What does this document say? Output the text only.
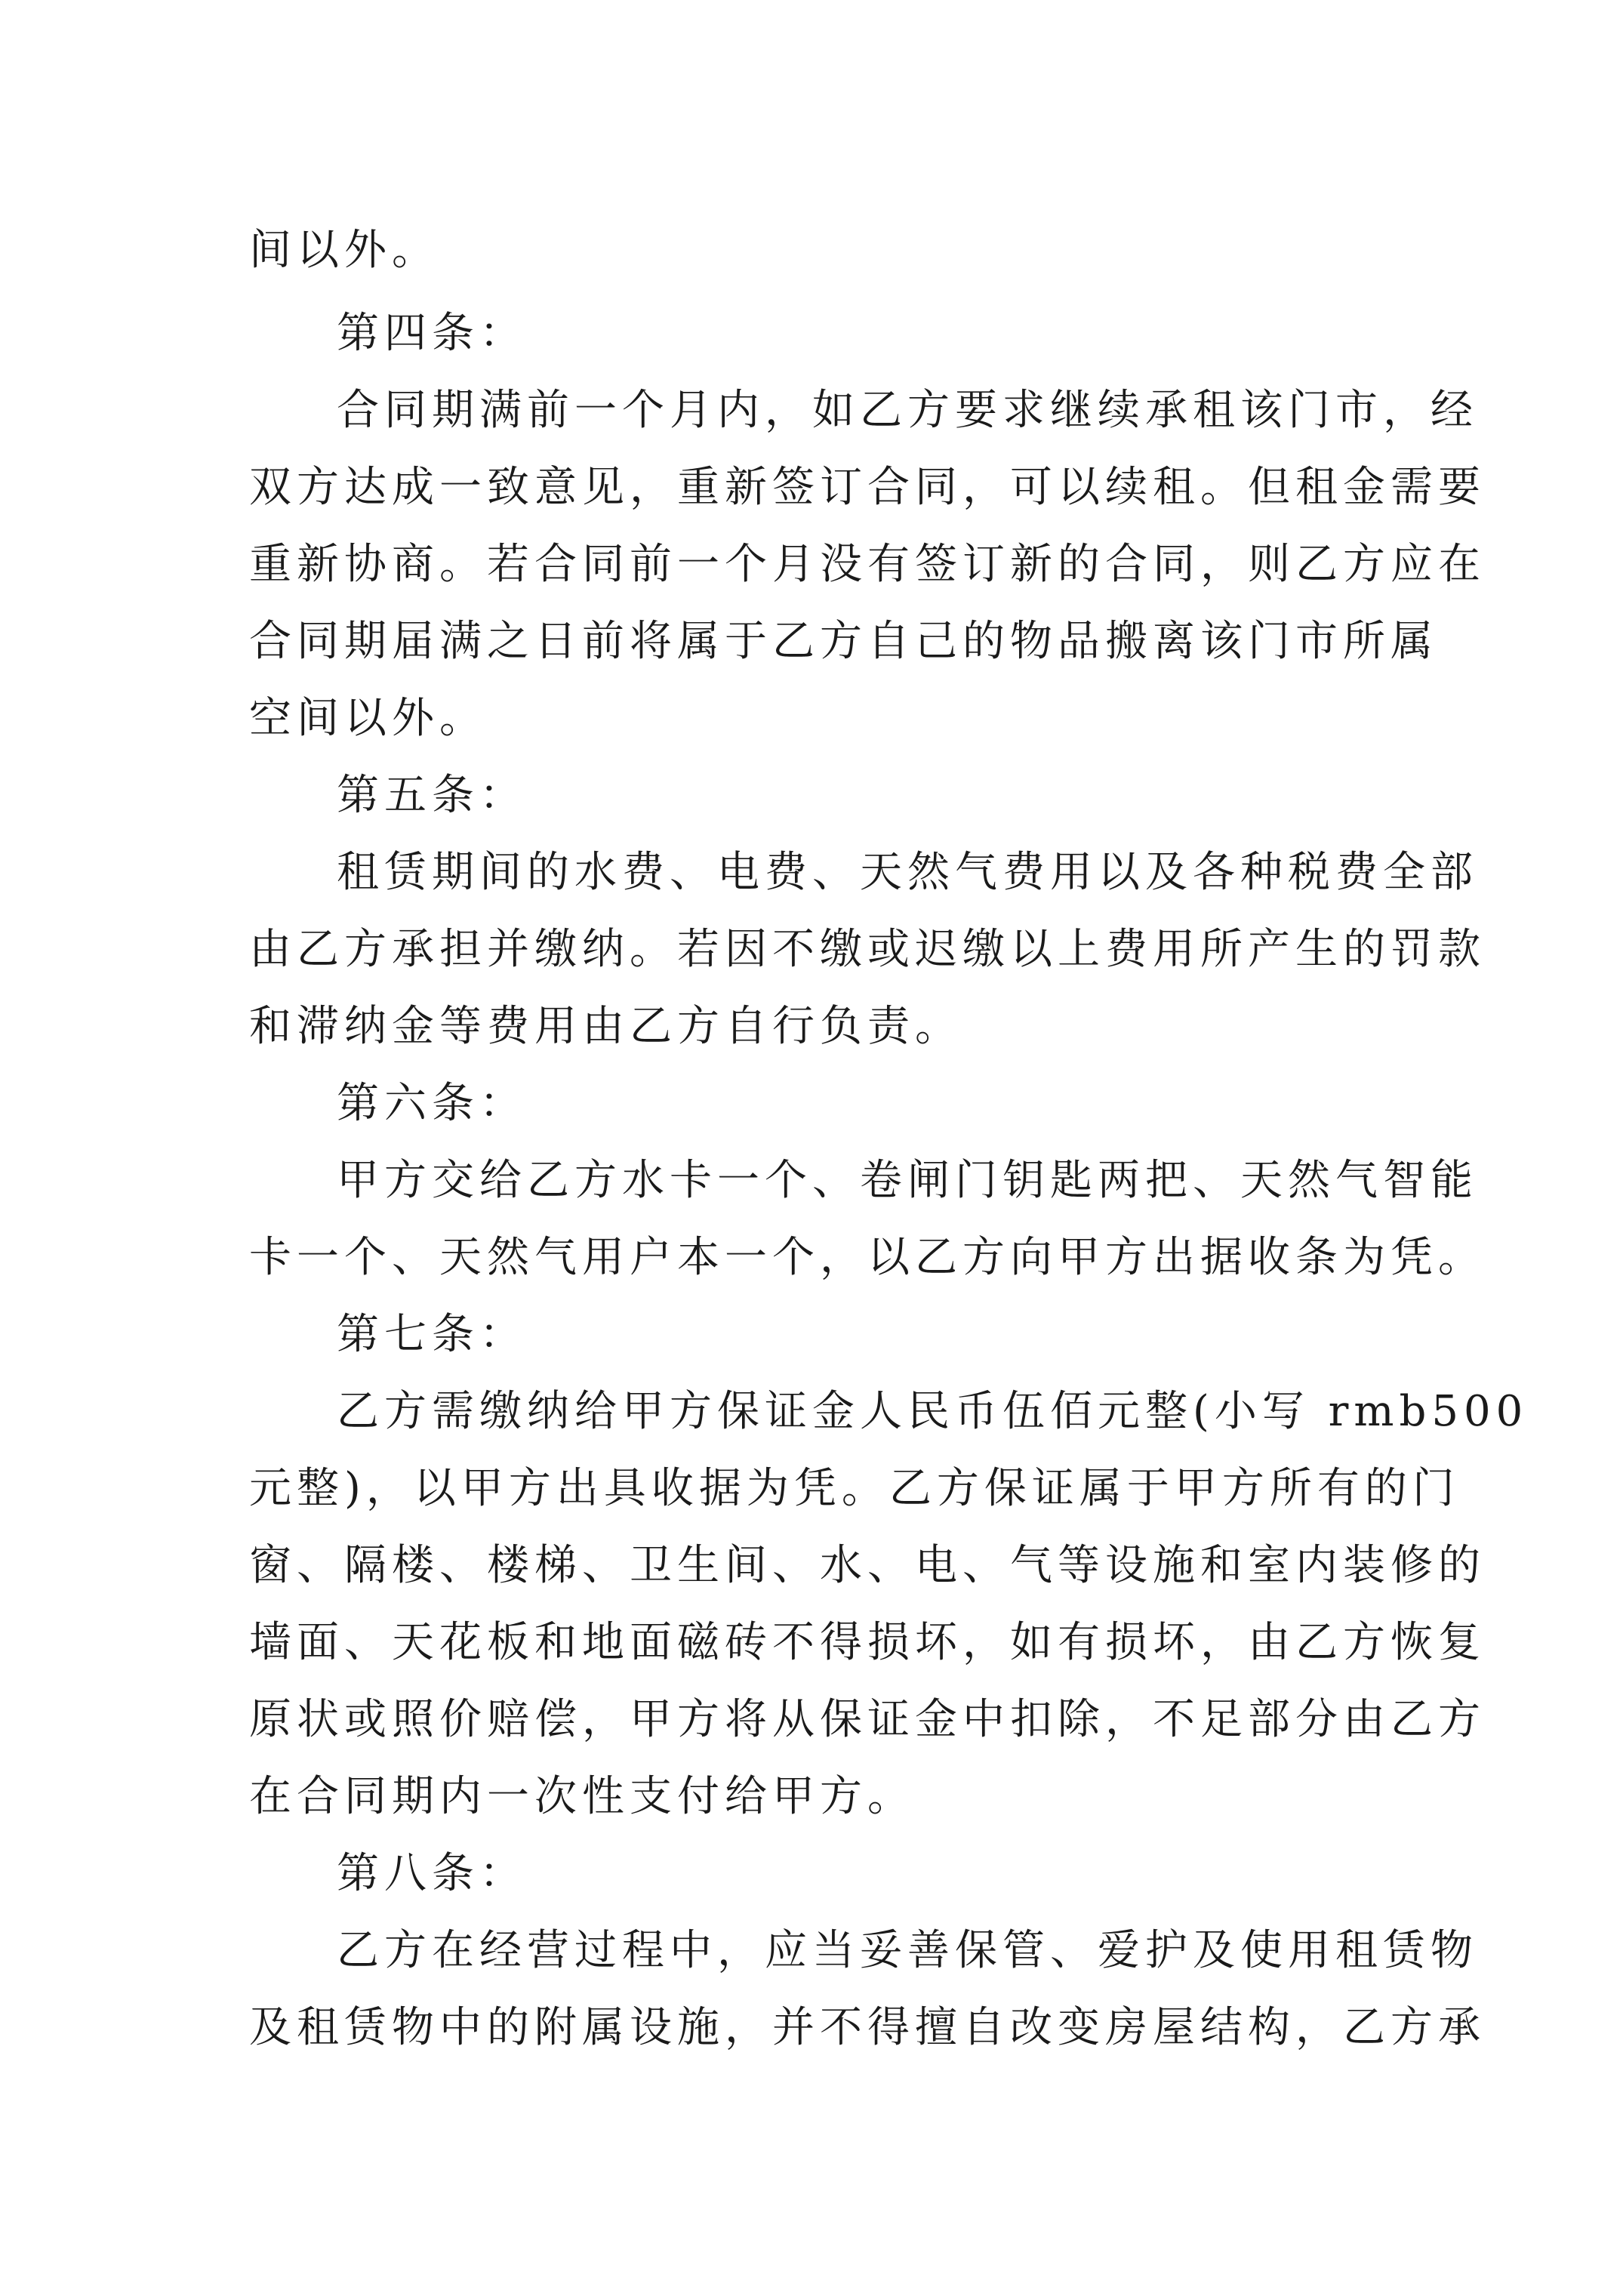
间以外。
第四条：
合同期满前一个月内，如乙方要求继续承租该门市，经
双方达成一致意见，重新签订合同，可以续租。但租金需要
重新协商。若合同前一个月没有签订新的合同，则乙方应在
合同期届满之日前将属于乙方自己的物品搬离该门市所属
空间以外。
第五条：
租赁期间的水费、电费、天然气费用以及各种税费全部
由乙方承担并缴纳。若因不缴或迟缴以上费用所产生的罚款
和滞纳金等费用由乙方自行负责。
第六条：
甲方交给乙方水卡一个、卷闸门钥匙两把、天然气智能
卡一个、天然气用户本一个，以乙方向甲方出据收条为凭。
第七条：
乙方需缴纳给甲方保证金人民币伍佰元整(小写 rmb500
元整)，以甲方出具收据为凭。乙方保证属于甲方所有的门
窗、隔楼、楼梯、卫生间、水、电、气等设施和室内装修的
墙面、天花板和地面磁砖不得损坏，如有损坏，由乙方恢复
原状或照价赔偿，甲方将从保证金中扣除，不足部分由乙方
在合同期内一次性支付给甲方。
第八条：
乙方在经营过程中，应当妥善保管、爱护及使用租赁物
及租赁物中的附属设施，并不得擅自改变房屋结构，乙方承
